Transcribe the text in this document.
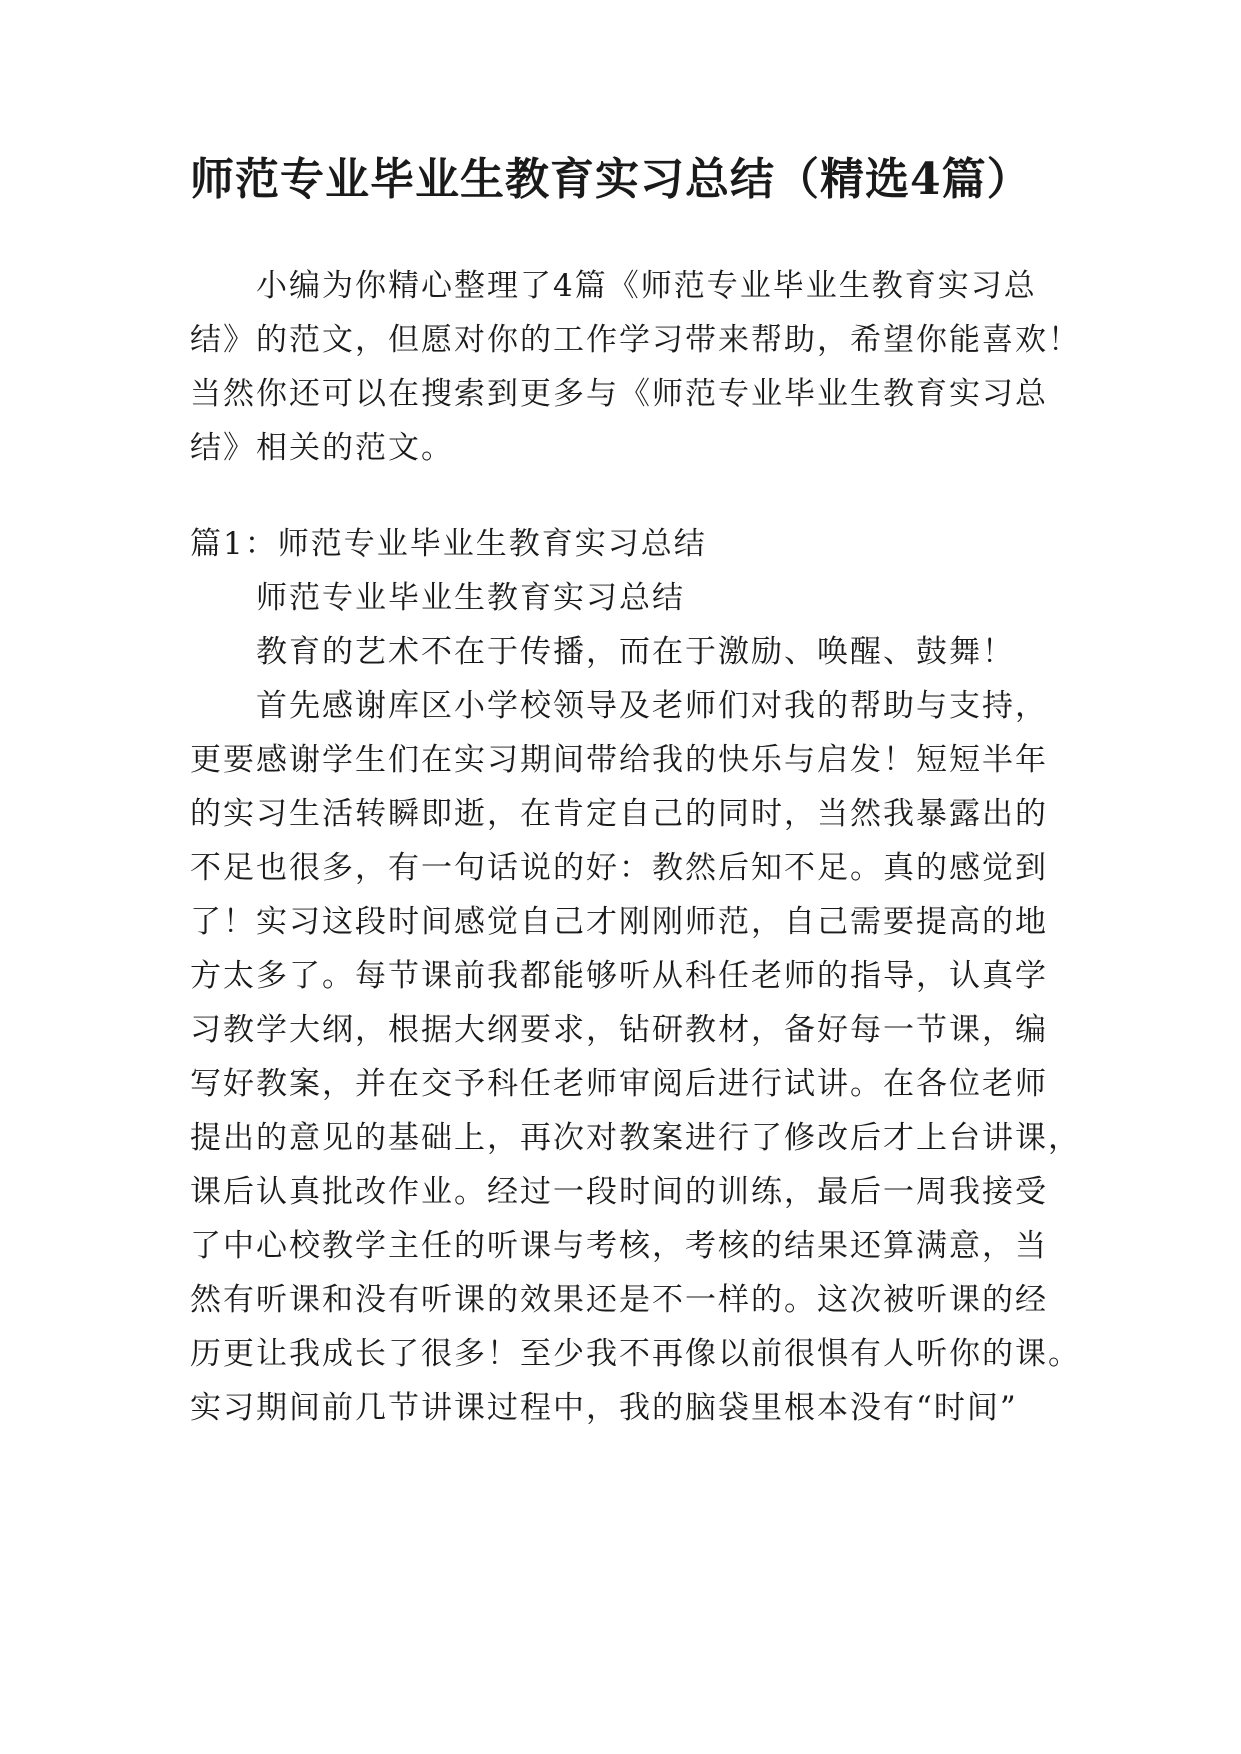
师范专业毕业生教育实习总结（精选4篇）
小编为你精心整理了4篇《师范专业毕业生教育实习总
结》的范文，但愿对你的工作学习带来帮助，希望你能喜欢！
当然你还可以在搜索到更多与《师范专业毕业生教育实习总
结》相关的范文。
篇1：师范专业毕业生教育实习总结
师范专业毕业生教育实习总结
教育的艺术不在于传播，而在于激励、唤醒、鼓舞！
首先感谢库区小学校领导及老师们对我的帮助与支持，
更要感谢学生们在实习期间带给我的快乐与启发！短短半年
的实习生活转瞬即逝，在肯定自己的同时，当然我暴露出的
不足也很多，有一句话说的好：教然后知不足。真的感觉到
了！实习这段时间感觉自己才刚刚师范，自己需要提高的地
方太多了。每节课前我都能够听从科任老师的指导，认真学
习教学大纲，根据大纲要求，钻研教材，备好每一节课，编
写好教案，并在交予科任老师审阅后进行试讲。在各位老师
提出的意见的基础上，再次对教案进行了修改后才上台讲课，
课后认真批改作业。经过一段时间的训练，最后一周我接受
了中心校教学主任的听课与考核，考核的结果还算满意，当
然有听课和没有听课的效果还是不一样的。这次被听课的经
历更让我成长了很多！至少我不再像以前很惧有人听你的课。
实习期间前几节讲课过程中，我的脑袋里根本没有“时间”
